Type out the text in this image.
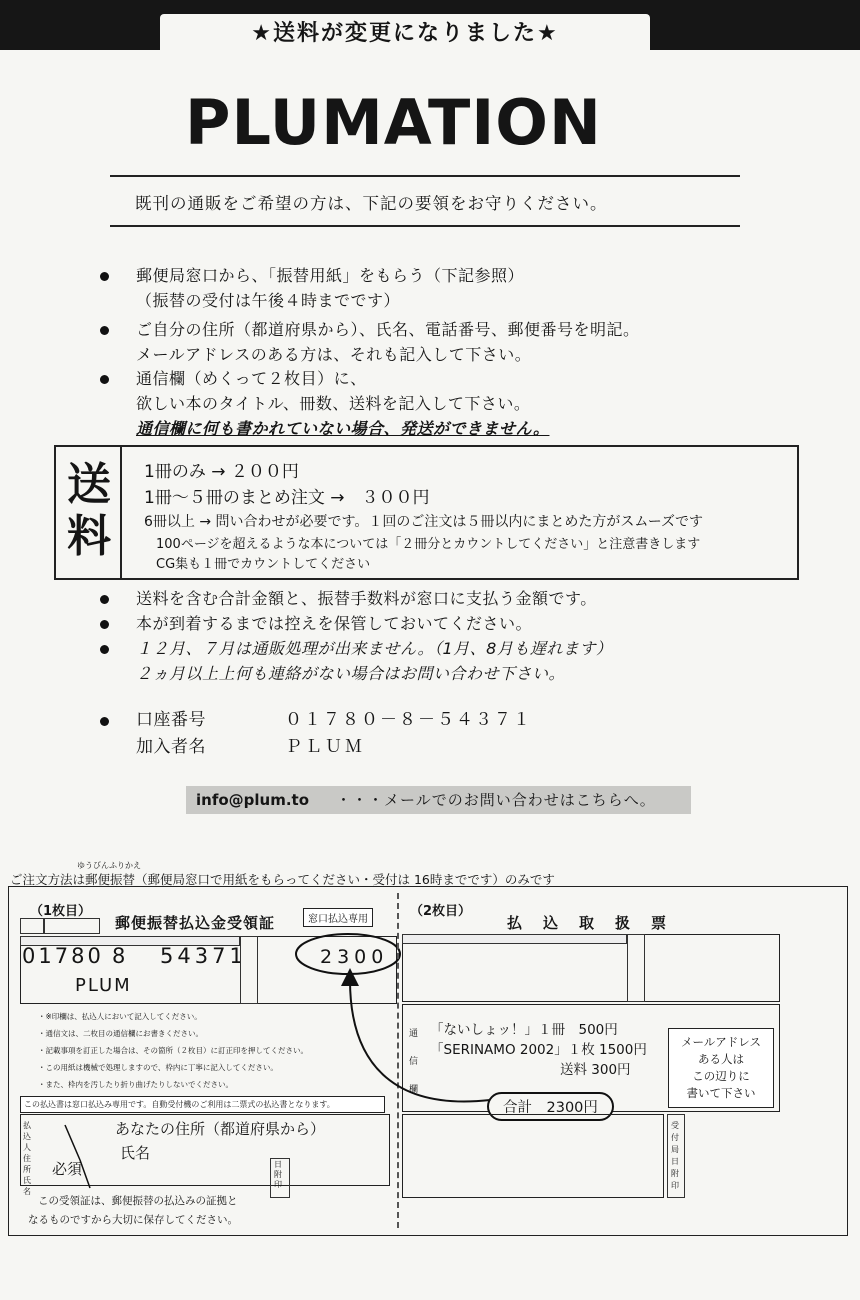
★送料が変更になりました★
PLUMATION
既刊の通販をご希望の方は、下記の要領をお守りください。
郵便局窓口から、「振替用紙」をもらう（下記参照）
（振替の受付は午後４時までです）
ご自分の住所（都道府県から）、氏名、電話番号、郵便番号を明記。
メールアドレスのある方は、それも記入して下さい。
通信欄（めくって２枚目）に、
欲しい本のタイトル、冊数、送料を記入して下さい。
通信欄に何も書かれていない場合、発送ができません。
送
料
1冊のみ → ２００円
1冊～５冊のまとめ注文 →　３００円
6冊以上 → 問い合わせが必要です。１回のご注文は５冊以内にまとめた方がスムーズです
100ページを超えるような本については「２冊分とカウントしてください」と注意書きします
CG集も１冊でカウントしてください
送料を含む合計金額と、振替手数料が窓口に支払う金額です。
本が到着するまでは控えを保管しておいてください。
１２月、７月は通販処理が出来ません。（1月、8月も遅れます）
２ヵ月以上上何も連絡がない場合はお問い合わせ下さい。
口座番号	０１７８０－８－５４３７１
加入者名	ＰＬＵＭ
info@plum.to ・・・メールでのお問い合わせはこちらへ。
ゆうびんふりかえ
ご注文方法は郵便振替（郵便局窓口で用紙をもらってください・受付は 16時までです）のみです
（1枚目）
郵便振替払込金受領証	窓口払込専用
01780 8 54371	2300
PLUM
・※印欄は、払込人において記入してください。
・通信文は、二枚目の通信欄にお書きください。
・記載事項を訂正した場合は、その箇所（２枚目）に訂正印を押してください。
・この用紙は機械で処理しますので、枠内に丁寧に記入してください。
・また、枠内を汚したり折り曲げたりしないでください。
この払込書は窓口払込み専用です。自動受付機のご利用は二票式の払込書となります。
払込人住所氏名
あなたの住所（都道府県から）
氏名
必須	日附印
この受領証は、郵便振替の払込みの証拠と
なるものですから大切に保存してください。
（2枚目）
払　込　取　扱　票
通信欄
「ないしょッ！」１冊　500円
「SERINAMO 2002」１枚 1500円
送料 300円
メールアドレス
ある人は
この辺りに
書いて下さい
合計　2300円
受付局日附印
